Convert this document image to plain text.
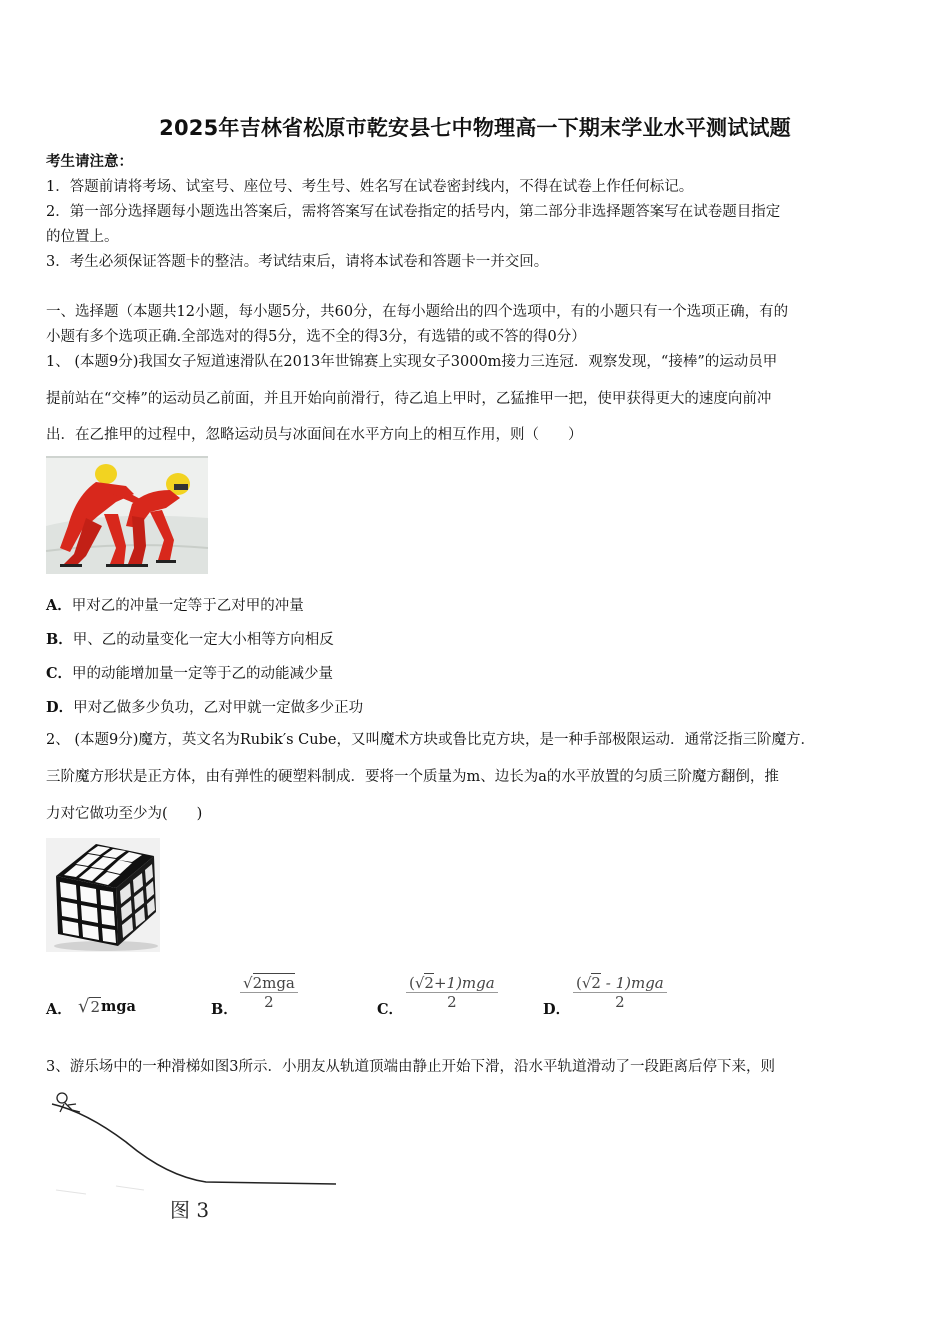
2025年吉林省松原市乾安县七中物理高一下期末学业水平测试试题
考生请注意：
1．答题前请将考场、试室号、座位号、考生号、姓名写在试卷密封线内，不得在试卷上作任何标记。
2．第一部分选择题每小题选出答案后，需将答案写在试卷指定的括号内，第二部分非选择题答案写在试卷题目指定
的位置上。
3．考生必须保证答题卡的整洁。考试结束后，请将本试卷和答题卡一并交回。
一、选择题（本题共12小题，每小题5分，共60分，在每小题给出的四个选项中，有的小题只有一个选项正确，有的
小题有多个选项正确.全部选对的得5分，选不全的得3分，有选错的或不答的得0分）
1、 (本题9分)我国女子短道速滑队在2013年世锦赛上实现女子3000m接力三连冠．观察发现，“接棒”的运动员甲
提前站在“交棒”的运动员乙前面，并且开始向前滑行，待乙追上甲时，乙猛推甲一把，使甲获得更大的速度向前冲
出．在乙推甲的过程中，忽略运动员与冰面间在水平方向上的相互作用，则（　　）
A．甲对乙的冲量一定等于乙对甲的冲量
B．甲、乙的动量变化一定大小相等方向相反
C．甲的动能增加量一定等于乙的动能减少量
D．甲对乙做多少负功，乙对甲就一定做多少正功
2、 (本题9分)魔方，英文名为Rubik′s Cube，又叫魔术方块或鲁比克方块，是一种手部极限运动．通常泛指三阶魔方．
三阶魔方形状是正方体，由有弹性的硬塑料制成．要将一个质量为m、边长为a的水平放置的匀质三阶魔方翻倒，推
力对它做功至少为(　　)
A． √ 2 mga	B． $\frac{\text{√2mga}}{2}$	C． $\frac{\text{(√2+1)mga}}{2}$	D． $\frac{\text{(√2 - 1)mga}}{2}$
3、游乐场中的一种滑梯如图3所示．小朋友从轨道顶端由静止开始下滑，沿水平轨道滑动了一段距离后停下来，则
图 3
